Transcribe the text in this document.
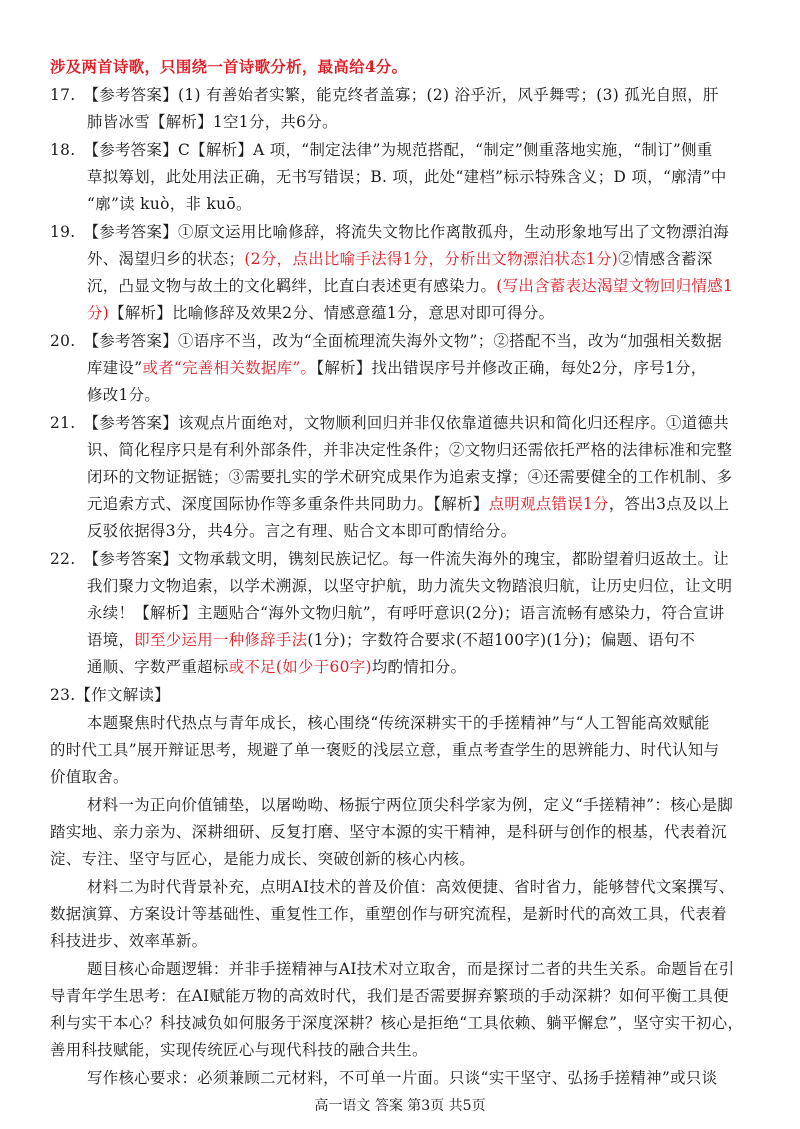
涉及两首诗歌，只围绕一首诗歌分析，最高给4分。
17.　【参考答案】(1) 有善始者实繁，能克终者盖寡；(2) 浴乎沂，风乎舞雩；(3) 孤光自照，肝
肺皆冰雪【解析】1空1分，共6分。
18.　【参考答案】C【解析】A 项，“制定法律”为规范搭配，“制定”侧重落地实施，“制订”侧重
草拟筹划，此处用法正确，无书写错误；B. 项，此处“建档”标示特殊含义；D 项，“廓清”中
“廓”读 kuò，非 kuō。
19.　【参考答案】①原文运用比喻修辞，将流失文物比作离散孤舟，生动形象地写出了文物漂泊海
外、渴望归乡的状态；(2分，点出比喻手法得1分，分析出文物漂泊状态1分)②情感含蓄深
沉，凸显文物与故土的文化羁绊，比直白表述更有感染力。(写出含蓄表达渴望文物回归情感1
分)【解析】比喻修辞及效果2分、情感意蕴1分，意思对即可得分。
20.　【参考答案】①语序不当，改为“全面梳理流失海外文物”；②搭配不当，改为“加强相关数据
库建设”或者“完善相关数据库”。【解析】找出错误序号并修改正确，每处2分，序号1分，
修改1分。
21.　【参考答案】该观点片面绝对，文物顺利回归并非仅依靠道德共识和简化归还程序。①道德共
识、简化程序只是有利外部条件，并非决定性条件；②文物归还需依托严格的法律标准和完整
闭环的文物证据链；③需要扎实的学术研究成果作为追索支撑；④还需要健全的工作机制、多
元追索方式、深度国际协作等多重条件共同助力。【解析】点明观点错误1分，答出3点及以上
反驳依据得3分，共4分。言之有理、贴合文本即可酌情给分。
22.　【参考答案】文物承载文明，镌刻民族记忆。每一件流失海外的瑰宝，都盼望着归返故土。让
我们聚力文物追索，以学术溯源，以坚守护航，助力流失文物踏浪归航，让历史归位，让文明
永续！【解析】主题贴合“海外文物归航”，有呼吁意识(2分)；语言流畅有感染力，符合宣讲
语境，即至少运用一种修辞手法(1分)；字数符合要求(不超100字)(1分)；偏题、语句不
通顺、字数严重超标或不足(如少于60字)均酌情扣分。
23.【作文解读】
本题聚焦时代热点与青年成长，核心围绕“传统深耕实干的手搓精神”与“人工智能高效赋能
的时代工具”展开辩证思考，规避了单一褒贬的浅层立意，重点考查学生的思辨能力、时代认知与
价值取舍。
材料一为正向价值铺垫，以屠呦呦、杨振宁两位顶尖科学家为例，定义“手搓精神”：核心是脚
踏实地、亲力亲为、深耕细研、反复打磨、坚守本源的实干精神，是科研与创作的根基，代表着沉
淀、专注、坚守与匠心，是能力成长、突破创新的核心内核。
材料二为时代背景补充，点明AI技术的普及价值：高效便捷、省时省力，能够替代文案撰写、
数据演算、方案设计等基础性、重复性工作，重塑创作与研究流程，是新时代的高效工具，代表着
科技进步、效率革新。
题目核心命题逻辑：并非手搓精神与AI技术对立取舍，而是探讨二者的共生关系。命题旨在引
导青年学生思考：在AI赋能万物的高效时代，我们是否需要摒弃繁琐的手动深耕？如何平衡工具便
利与实干本心？科技减负如何服务于深度深耕？核心是拒绝“工具依赖、躺平懈怠”，坚守实干初心，
善用科技赋能，实现传统匠心与现代科技的融合共生。
写作核心要求：必须兼顾二元材料，不可单一片面。只谈“实干坚守、弘扬手搓精神”或只谈
高一语文 答案 第3页 共5页
